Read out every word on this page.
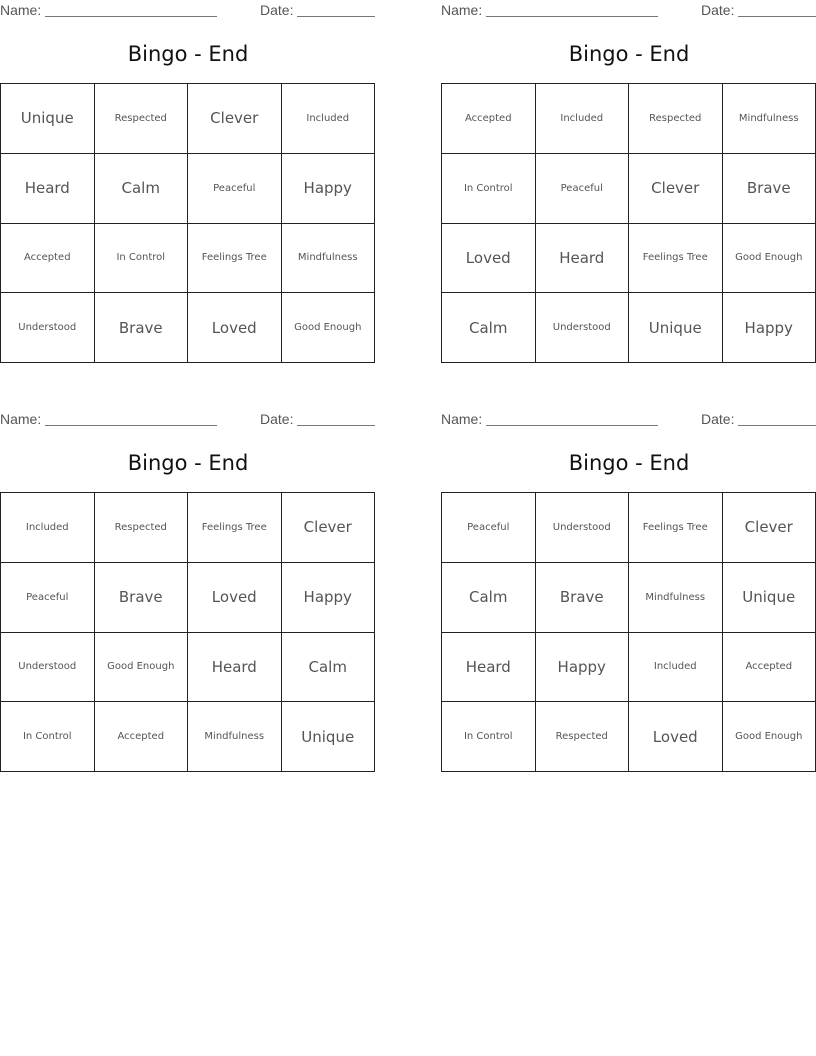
Name:	Date:
Bingo - End
Unique	Respected	Clever	Included
Heard	Calm	Peaceful	Happy
Accepted	In Control	Feelings Tree	Mindfulness
Understood	Brave	Loved	Good Enough
Name:	Date:
Bingo - End
Accepted	Included	Respected	Mindfulness
In Control	Peaceful	Clever	Brave
Loved	Heard	Feelings Tree	Good Enough
Calm	Understood	Unique	Happy
Name:	Date:
Bingo - End
Included	Respected	Feelings Tree	Clever
Peaceful	Brave	Loved	Happy
Understood	Good Enough	Heard	Calm
In Control	Accepted	Mindfulness	Unique
Name:	Date:
Bingo - End
Peaceful	Understood	Feelings Tree	Clever
Calm	Brave	Mindfulness	Unique
Heard	Happy	Included	Accepted
In Control	Respected	Loved	Good Enough
